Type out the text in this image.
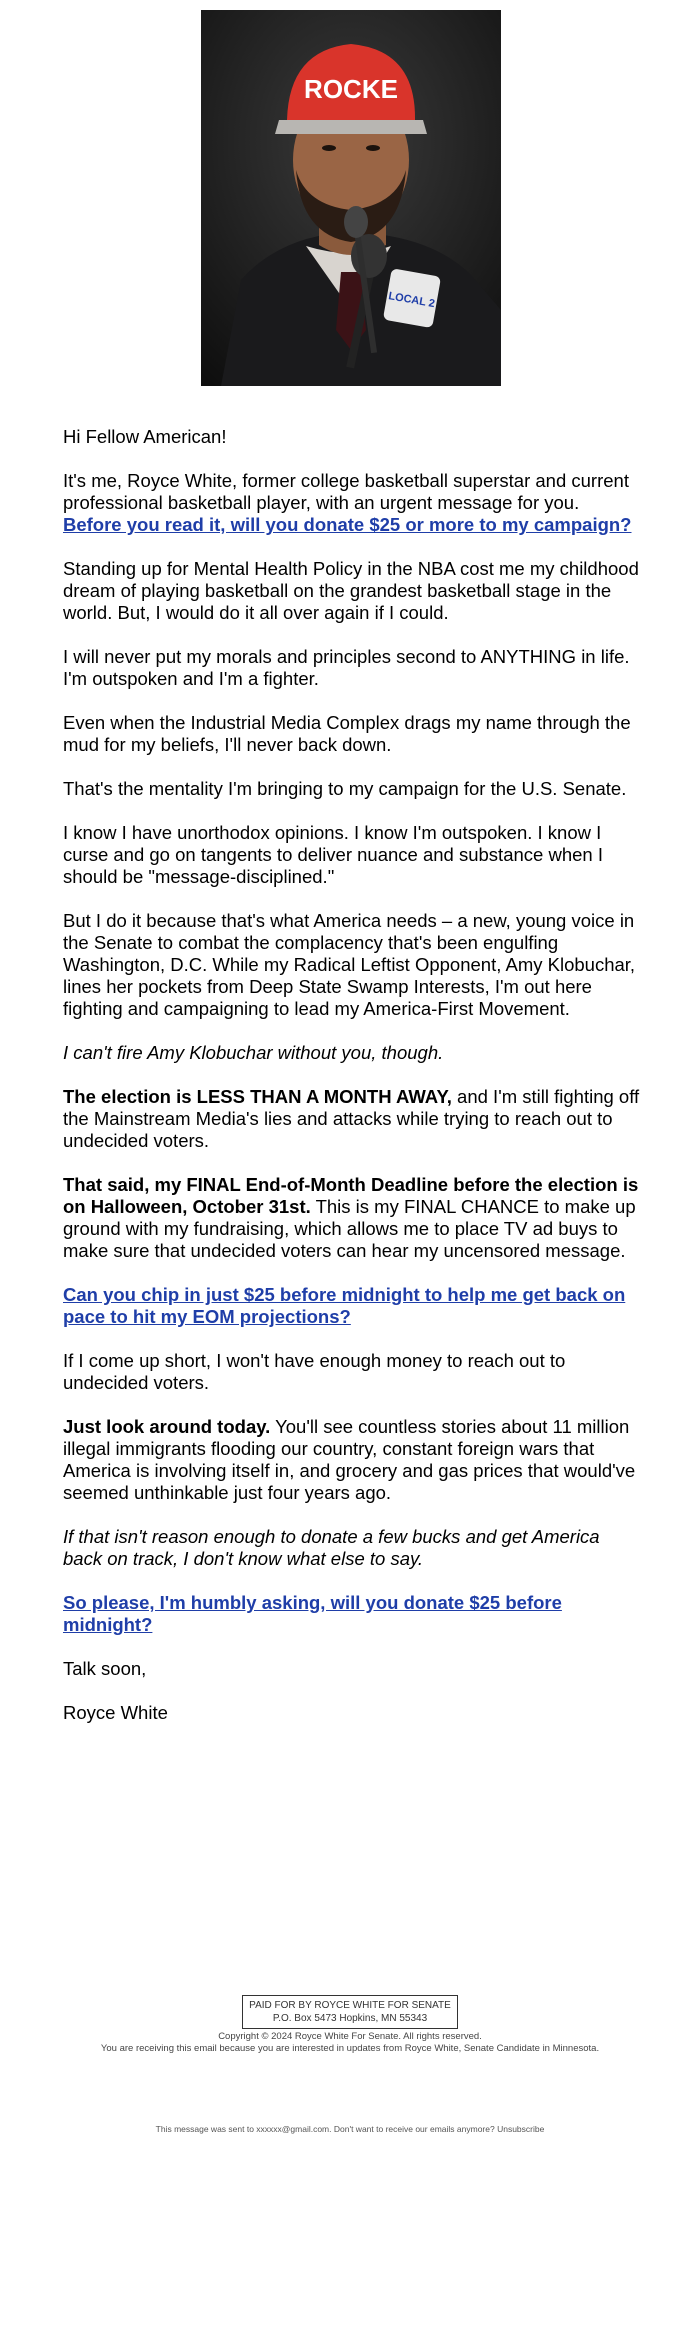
ROCKE
LOCAL 2

Hi Fellow American!

It's me, Royce White, former college basketball superstar and current professional basketball player, with an urgent message for you. Before you read it, will you donate $25 or more to my campaign?

Standing up for Mental Health Policy in the NBA cost me my childhood dream of playing basketball on the grandest basketball stage in the world. But, I would do it all over again if I could.

I will never put my morals and principles second to ANYTHING in life. I'm outspoken and I'm a fighter.

Even when the Industrial Media Complex drags my name through the mud for my beliefs, I'll never back down.

That's the mentality I'm bringing to my campaign for the U.S. Senate.

I know I have unorthodox opinions. I know I'm outspoken. I know I curse and go on tangents to deliver nuance and substance when I should be "message-disciplined."

But I do it because that's what America needs – a new, young voice in the Senate to combat the complacency that's been engulfing Washington, D.C. While my Radical Leftist Opponent, Amy Klobuchar, lines her pockets from Deep State Swamp Interests, I'm out here fighting and campaigning to lead my America-First Movement.

I can't fire Amy Klobuchar without you, though.

The election is LESS THAN A MONTH AWAY, and I'm still fighting off the Mainstream Media's lies and attacks while trying to reach out to undecided voters.

That said, my FINAL End-of-Month Deadline before the election is on Halloween, October 31st. This is my FINAL CHANCE to make up ground with my fundraising, which allows me to place TV ad buys to make sure that undecided voters can hear my uncensored message.

Can you chip in just $25 before midnight to help me get back on pace to hit my EOM projections?

If I come up short, I won't have enough money to reach out to undecided voters.

Just look around today. You'll see countless stories about 11 million illegal immigrants flooding our country, constant foreign wars that America is involving itself in, and grocery and gas prices that would've seemed unthinkable just four years ago.

If that isn't reason enough to donate a few bucks and get America back on track, I don't know what else to say.

So please, I'm humbly asking, will you donate $25 before midnight?

Talk soon,

Royce White

PAID FOR BY ROYCE WHITE FOR SENATE
P.O. Box 5473 Hopkins, MN 55343
Copyright © 2024 Royce White For Senate. All rights reserved.
You are receiving this email because you are interested in updates from Royce White, Senate Candidate in Minnesota.
This message was sent to xxxxxx@gmail.com. Don't want to receive our emails anymore? Unsubscribe
